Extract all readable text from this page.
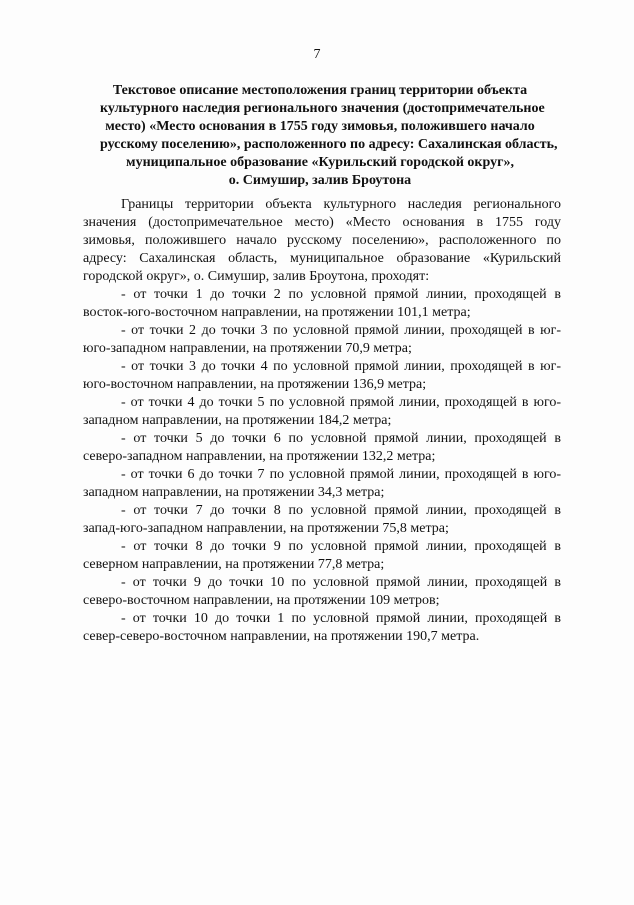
7
Текстовое описание местоположения границ территории объекта
культурного наследия регионального значения (достопримечательное
место) «Место основания в 1755 году зимовья, положившего начало
русскому поселению», расположенного по адресу: Сахалинская область,
муниципальное образование «Курильский городской округ»,
о. Симушир, залив Броутона
Границы территории объекта культурного наследия регионального
значения (достопримечательное место) «Место основания в 1755 году
зимовья, положившего начало русскому поселению», расположенного по
адресу: Сахалинская область, муниципальное образование «Курильский
городской округ», о. Симушир, залив Броутона, проходят:
- от точки 1 до точки 2 по условной прямой линии, проходящей в
восток-юго-восточном направлении, на протяжении 101,1 метра;
- от точки 2 до точки 3 по условной прямой линии, проходящей в юг-
юго-западном направлении, на протяжении 70,9 метра;
- от точки 3 до точки 4 по условной прямой линии, проходящей в юг-
юго-восточном направлении, на протяжении 136,9 метра;
- от точки 4 до точки 5 по условной прямой линии, проходящей в юго-
западном направлении, на протяжении 184,2 метра;
- от точки 5 до точки 6 по условной прямой линии, проходящей в
северо-западном направлении, на протяжении 132,2 метра;
- от точки 6 до точки 7 по условной прямой линии, проходящей в юго-
западном направлении, на протяжении 34,3 метра;
- от точки 7 до точки 8 по условной прямой линии, проходящей в
запад-юго-западном направлении, на протяжении 75,8 метра;
- от точки 8 до точки 9 по условной прямой линии, проходящей в
северном направлении, на протяжении 77,8 метра;
- от точки 9 до точки 10 по условной прямой линии, проходящей в
северо-восточном направлении, на протяжении 109 метров;
- от точки 10 до точки 1 по условной прямой линии, проходящей в
север-северо-восточном направлении, на протяжении 190,7 метра.
